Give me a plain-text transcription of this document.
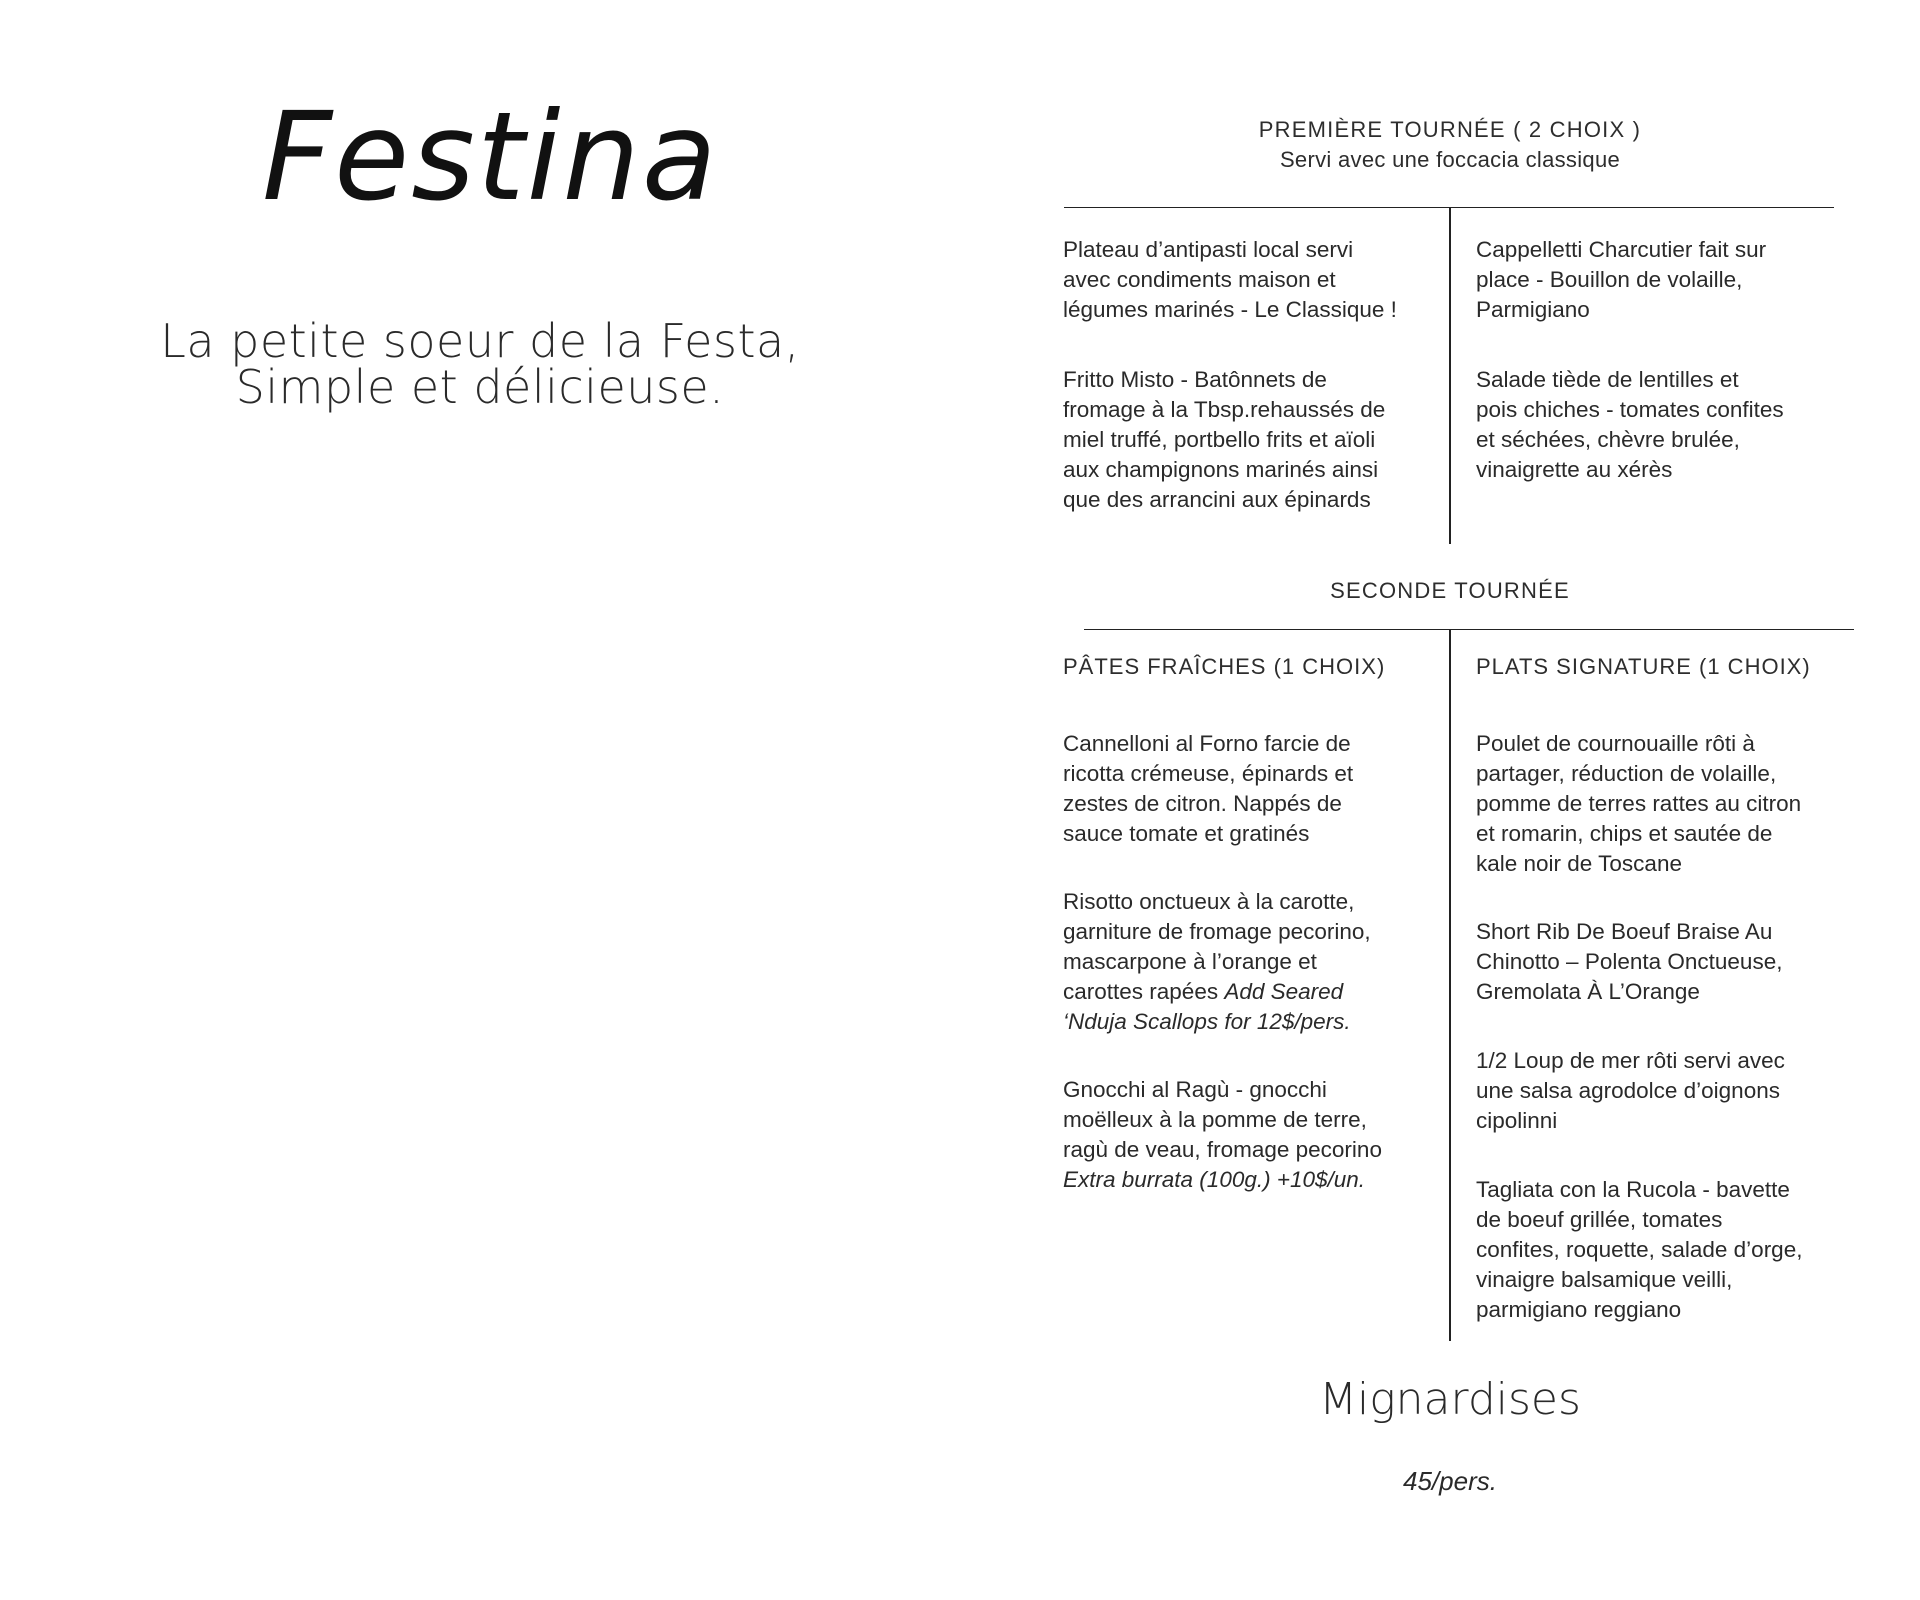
Festina
La petite soeur de la Festa,
Simple et délicieuse.
PREMIÈRE TOURNÉE ( 2 CHOIX )
Servi avec une foccacia classique
Plateau d’antipasti local servi
avec condiments maison et
légumes marinés - Le Classique !
Fritto Misto - Batônnets de
fromage à la Tbsp.rehaussés de
miel truffé, portbello frits et aïoli
aux champignons marinés ainsi
que des arrancini aux épinards
Cappelletti Charcutier fait sur
place - Bouillon de volaille,
Parmigiano
Salade tiède de lentilles et
pois chiches - tomates confites
et séchées, chèvre brulée,
vinaigrette au xérès
SECONDE TOURNÉE
PÂTES FRAÎCHES (1 CHOIX)	PLATS SIGNATURE (1 CHOIX)
Cannelloni al Forno farcie de
ricotta crémeuse, épinards et
zestes de citron. Nappés de
sauce tomate et gratinés
Risotto onctueux à la carotte,
garniture de fromage pecorino,
mascarpone à l’orange et
carottes rapées Add Seared
‘Nduja Scallops for 12$/pers.
Gnocchi al Ragù - gnocchi
moëlleux à la pomme de terre,
ragù de veau, fromage pecorino
Extra burrata (100g.) +10$/un.
Poulet de cournouaille rôti à
partager, réduction de volaille,
pomme de terres rattes au citron
et romarin, chips et sautée de
kale noir de Toscane
Short Rib De Boeuf Braise Au
Chinotto – Polenta Onctueuse,
Gremolata À L’Orange
1/2 Loup de mer rôti servi avec
une salsa agrodolce d’oignons
cipolinni
Tagliata con la Rucola - bavette
de boeuf grillée, tomates
confites, roquette, salade d’orge,
vinaigre balsamique veilli,
parmigiano reggiano
Mignardises
45/pers.
